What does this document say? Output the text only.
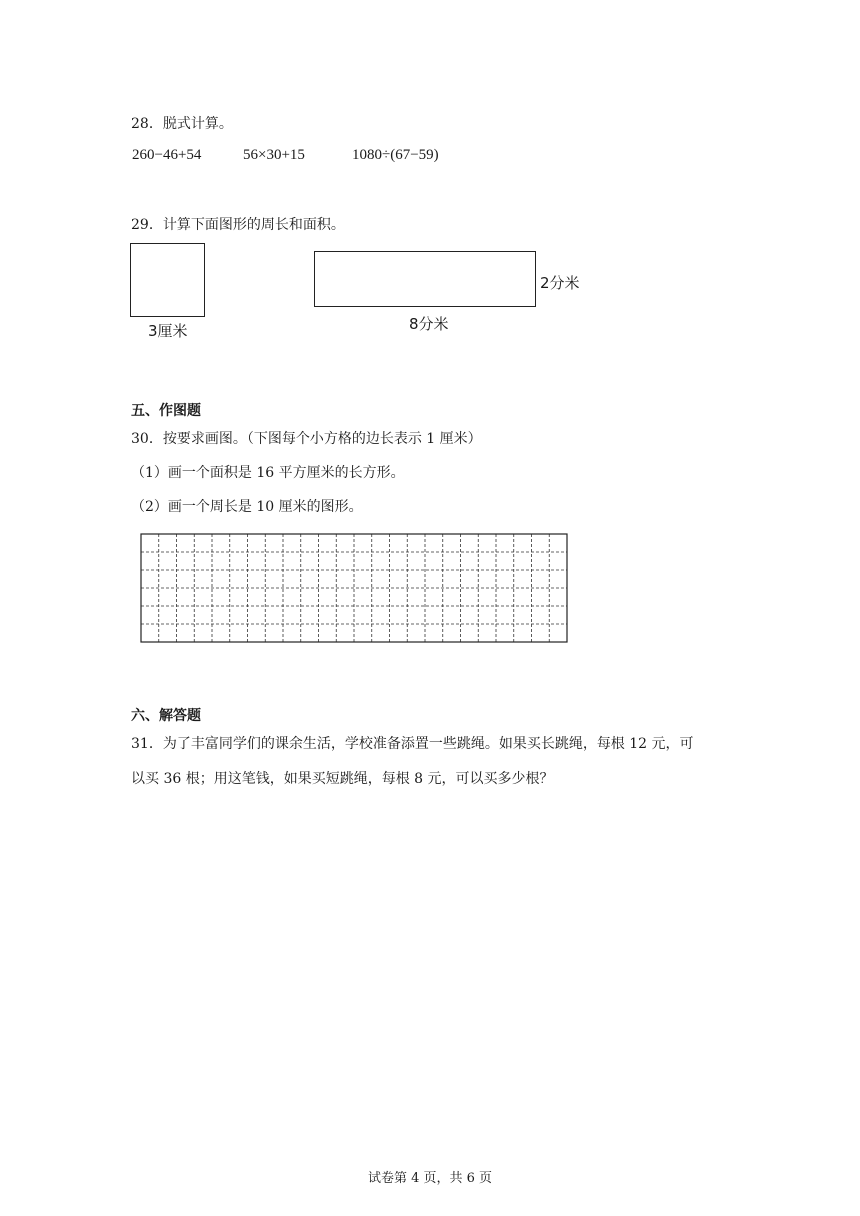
28．脱式计算。
260−46+54	56×30+15	1080÷(67−59)
29．计算下面图形的周长和面积。
3厘米	8分米
2分米
五、作图题
30．按要求画图。（下图每个小方格的边长表示 1 厘米）
（1）画一个面积是 16 平方厘米的长方形。
（2）画一个周长是 10 厘米的图形。
六、解答题
31．为了丰富同学们的课余生活，学校准备添置一些跳绳。如果买长跳绳，每根 12 元，可
以买 36 根；用这笔钱，如果买短跳绳，每根 8 元，可以买多少根？
试卷第 4 页，共 6 页
